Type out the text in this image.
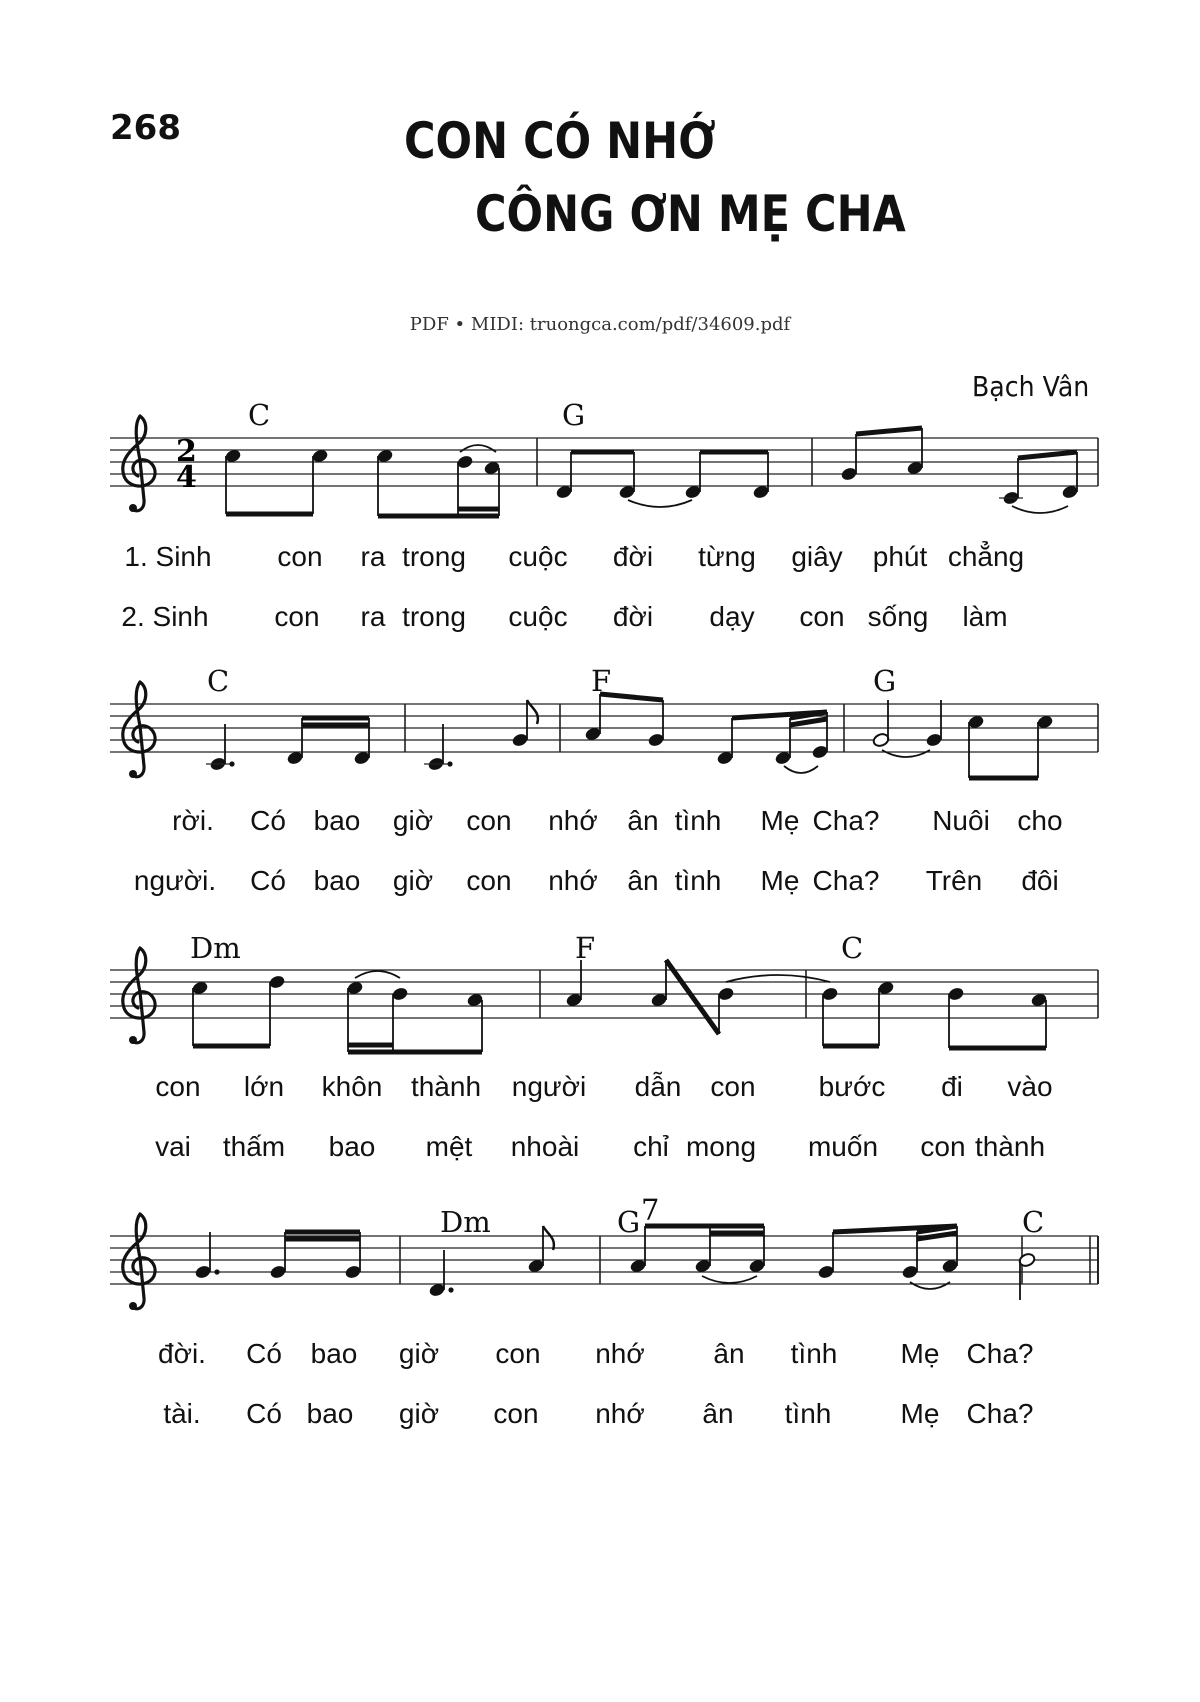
268	CON CÓ NHỚ
CÔNG ƠN MẸ CHA
PDF • MIDI: truongca.com/pdf/34609.pdf
Bạch Vân
2
4
C	G
1. Sinh con ra trong cuộc đời từng giây phút chẳng
2. Sinh con ra trong cuộc đời dạy con sống làm
C	F	G
rời. Có bao giờ con nhớ ân tình Mẹ Cha? Nuôi cho
người. Có bao giờ con nhớ ân tình Mẹ Cha? Trên đôi
Dm	F	C
con lớn khôn thành người dẫn con bước đi vào
vai thấm bao mệt nhoài chỉ mong muốn con thành
Dm	G 7	C
đời. Có bao giờ con nhớ ân tình Mẹ Cha?
tài. Có bao giờ con nhớ ân tình Mẹ Cha?
